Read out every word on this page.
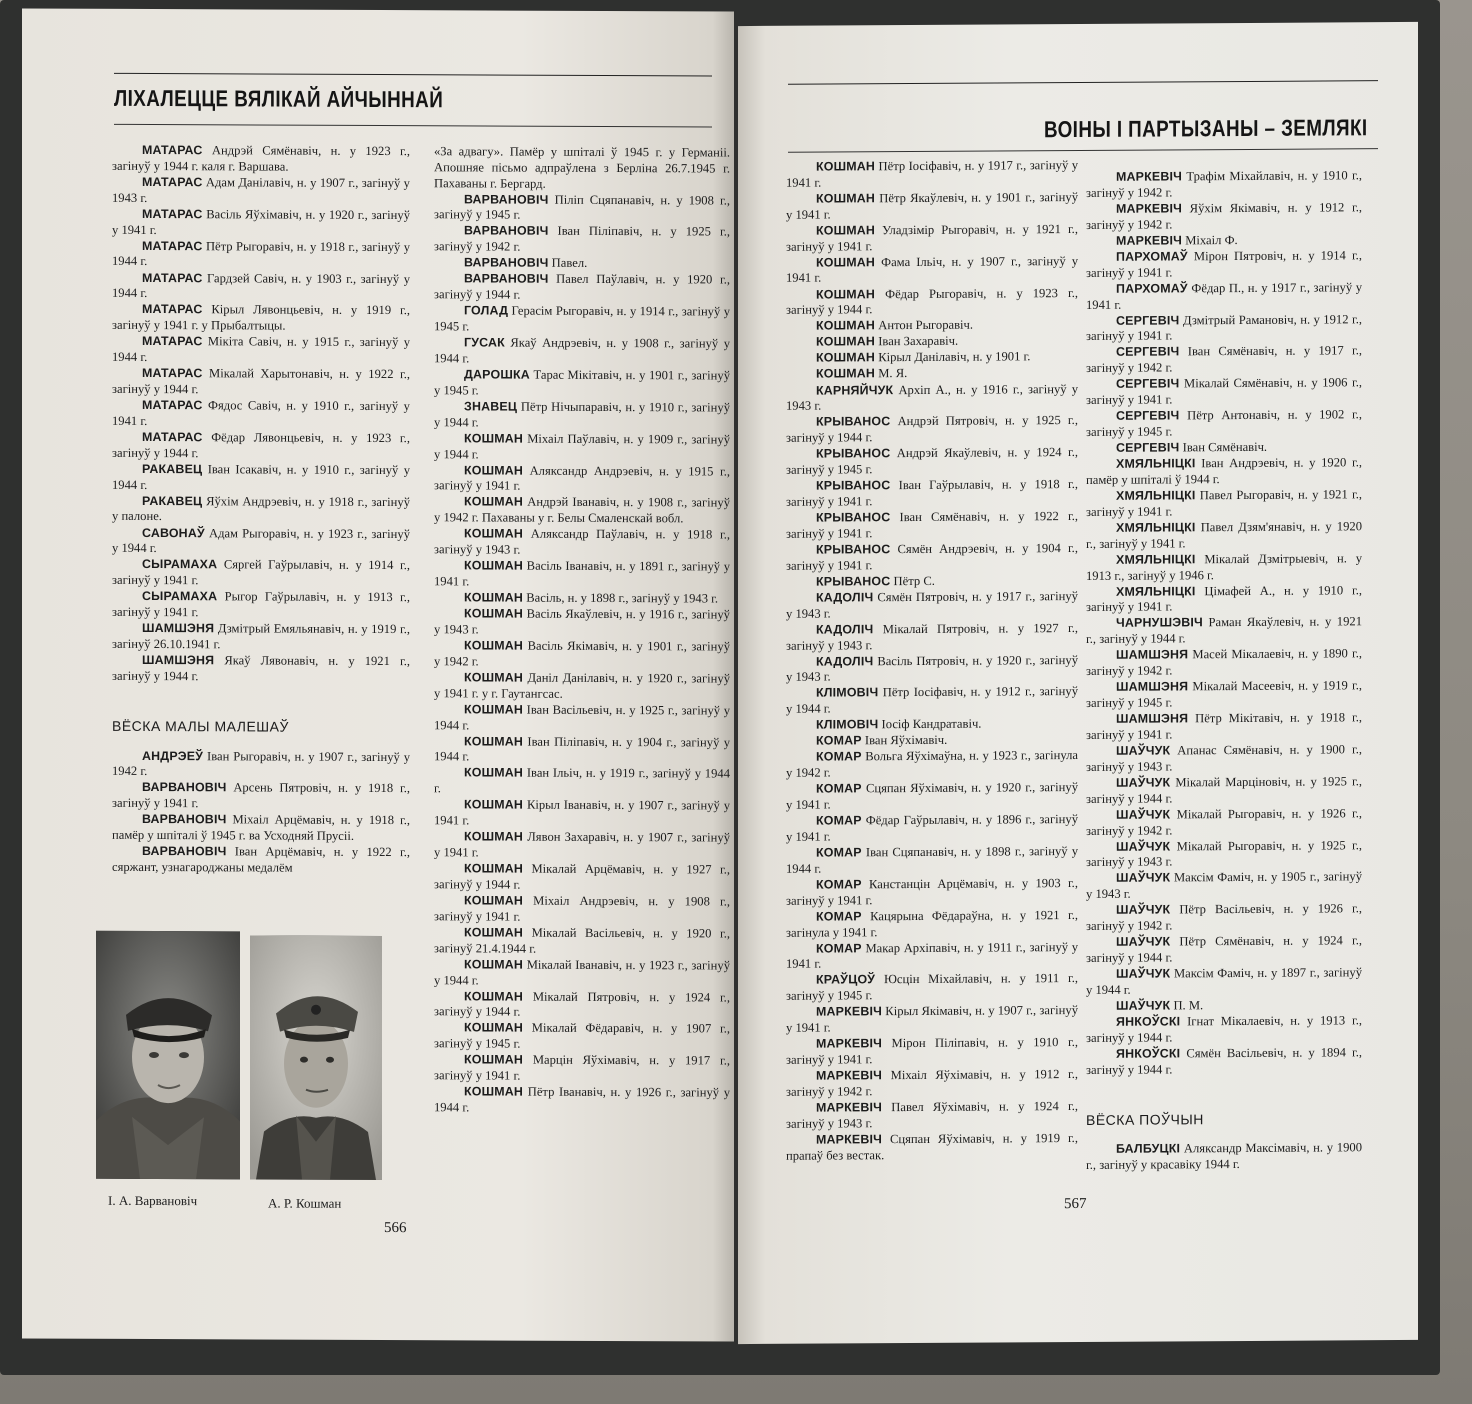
ЛІХАЛЕЦЦЕ ВЯЛІКАЙ АЙЧЫННАЙ
МАТАРАС Андрэй Сямёнавіч, н. у 1923 г., загінуў у 1944 г. каля г. Варшава.
МАТАРАС Адам Данілавіч, н. у 1907 г., загінуў у 1943 г.
МАТАРАС Васіль Яўхімавіч, н. у 1920 г., загінуў у 1941 г.
МАТАРАС Пётр Рыгоравіч, н. у 1918 г., загінуў у 1944 г.
МАТАРАС Гардзей Савіч, н. у 1903 г., загінуў у 1944 г.
МАТАРАС Кірыл Лявонцьевіч, н. у 1919 г., загінуў у 1941 г. у Прыбалтыцы.
МАТАРАС Мікіта Савіч, н. у 1915 г., загінуў у 1944 г.
МАТАРАС Мікалай Харытонавіч, н. у 1922 г., загінуў у 1944 г.
МАТАРАС Фядос Савіч, н. у 1910 г., загінуў у 1941 г.
МАТАРАС Фёдар Лявонцьевіч, н. у 1923 г., загінуў у 1944 г.
РАКАВЕЦ Іван Ісакавіч, н. у 1910 г., загінуў у 1944 г.
РАКАВЕЦ Яўхім Андрэевіч, н. у 1918 г., загінуў у палоне.
САВОНАЎ Адам Рыгоравіч, н. у 1923 г., загінуў у 1944 г.
СЫРАМАХА Сяргей Гаўрылавіч, н. у 1914 г., загінуў у 1941 г.
СЫРАМАХА Рыгор Гаўрылавіч, н. у 1913 г., загінуў у 1941 г.
ШАМШЭНЯ Дзмітрый Емяльянавіч, н. у 1919 г., загінуў 26.10.1941 г.
ШАМШЭНЯ Якаў Лявонавіч, н. у 1921 г., загінуў у 1944 г.
ВЁСКА МАЛЫ МАЛЕШАЎ
АНДРЭЕЎ Іван Рыгоравіч, н. у 1907 г., загінуў у 1942 г.
ВАРВАНОВІЧ Арсень Пятровіч, н. у 1918 г., загінуў у 1941 г.
ВАРВАНОВІЧ Міхаіл Арцёмавіч, н. у 1918 г., памёр у шпіталі ў 1945 г. ва Усходняй Прусіі.
ВАРВАНОВІЧ Іван Арцёмавіч, н. у 1922 г., сяржант, узнагароджаны медалём
«За адвагу». Памёр у шпіталі ў 1945 г. у Германіі. Апошняе пісьмо адпраўлена з Берліна 26.7.1945 г. Пахаваны г. Бергард.
ВАРВАНОВІЧ Піліп Сцяпанавіч, н. у 1908 г., загінуў у 1945 г.
ВАРВАНОВІЧ Іван Піліпавіч, н. у 1925 г., загінуў у 1942 г.
ВАРВАНОВІЧ Павел.
ВАРВАНОВІЧ Павел Паўлавіч, н. у 1920 г., загінуў у 1944 г.
ГОЛАД Герасім Рыгоравіч, н. у 1914 г., загінуў у 1945 г.
ГУСАК Якаў Андрэевіч, н. у 1908 г., загінуў у 1944 г.
ДАРОШКА Тарас Мікітавіч, н. у 1901 г., загінуў у 1945 г.
ЗНАВЕЦ Пётр Нічыпаравіч, н. у 1910 г., загінуў у 1944 г.
КОШМАН Міхаіл Паўлавіч, н. у 1909 г., загінуў у 1944 г.
КОШМАН Аляксандр Андрэевіч, н. у 1915 г., загінуў у 1941 г.
КОШМАН Андрэй Іванавіч, н. у 1908 г., загінуў у 1942 г. Пахаваны у г. Белы Смаленскай вобл.
КОШМАН Аляксандр Паўлавіч, н. у 1918 г., загінуў у 1943 г.
КОШМАН Васіль Іванавіч, н. у 1891 г., загінуў у 1941 г.
КОШМАН Васіль, н. у 1898 г., загінуў у 1943 г.
КОШМАН Васіль Якаўлевіч, н. у 1916 г., загінуў у 1943 г.
КОШМАН Васіль Якімавіч, н. у 1901 г., загінуў у 1942 г.
КОШМАН Даніл Данілавіч, н. у 1920 г., загінуў у 1941 г. у г. Гаутангсас.
КОШМАН Іван Васільевіч, н. у 1925 г., загінуў у 1944 г.
КОШМАН Іван Піліпавіч, н. у 1904 г., загінуў у 1944 г.
КОШМАН Іван Ільіч, н. у 1919 г., загінуў у 1944 г.
КОШМАН Кірыл Іванавіч, н. у 1907 г., загінуў у 1941 г.
КОШМАН Лявон Захаравіч, н. у 1907 г., загінуў у 1941 г.
КОШМАН Мікалай Арцёмавіч, н. у 1927 г., загінуў у 1944 г.
КОШМАН Міхаіл Андрэевіч, н. у 1908 г., загінуў у 1941 г.
КОШМАН Мікалай Васільевіч, н. у 1920 г., загінуў 21.4.1944 г.
КОШМАН Мікалай Іванавіч, н. у 1923 г., загінуў у 1944 г.
КОШМАН Мікалай Пятровіч, н. у 1924 г., загінуў у 1944 г.
КОШМАН Мікалай Фёдаравіч, н. у 1907 г., загінуў у 1945 г.
КОШМАН Марцін Яўхімавіч, н. у 1917 г., загінуў у 1941 г.
КОШМАН Пётр Іванавіч, н. у 1926 г., загінуў у 1944 г.
І. А. Варвановіч	А. Р. Кошман
566
ВОІНЫ І ПАРТЫЗАНЫ – ЗЕМЛЯКІ
КОШМАН Пётр Іосіфавіч, н. у 1917 г., загінуў у 1941 г.
КОШМАН Пётр Якаўлевіч, н. у 1901 г., загінуў у 1941 г.
КОШМАН Уладзімір Рыгоравіч, н. у 1921 г., загінуў у 1941 г.
КОШМАН Фама Ільіч, н. у 1907 г., загінуў у 1941 г.
КОШМАН Фёдар Рыгоравіч, н. у 1923 г., загінуў у 1944 г.
КОШМАН Антон Рыгоравіч.
КОШМАН Іван Захаравіч.
КОШМАН Кірыл Данілавіч, н. у 1901 г.
КОШМАН М. Я.
КАРНЯЙЧУК Архіп А., н. у 1916 г., загінуў у 1943 г.
КРЫВАНОС Андрэй Пятровіч, н. у 1925 г., загінуў у 1944 г.
КРЫВАНОС Андрэй Якаўлевіч, н. у 1924 г., загінуў у 1945 г.
КРЫВАНОС Іван Гаўрылавіч, н. у 1918 г., загінуў у 1941 г.
КРЫВАНОС Іван Сямёнавіч, н. у 1922 г., загінуў у 1941 г.
КРЫВАНОС Сямён Андрэевіч, н. у 1904 г., загінуў у 1941 г.
КРЫВАНОС Пётр С.
КАДОЛІЧ Сямён Пятровіч, н. у 1917 г., загінуў у 1943 г.
КАДОЛІЧ Мікалай Пятровіч, н. у 1927 г., загінуў у 1943 г.
КАДОЛІЧ Васіль Пятровіч, н. у 1920 г., загінуў у 1943 г.
КЛІМОВІЧ Пётр Іосіфавіч, н. у 1912 г., загінуў у 1944 г.
КЛІМОВІЧ Іосіф Кандратавіч.
КОМАР Іван Яўхімавіч.
КОМАР Вольга Яўхімаўна, н. у 1923 г., загінула у 1942 г.
КОМАР Сцяпан Яўхімавіч, н. у 1920 г., загінуў у 1941 г.
КОМАР Фёдар Гаўрылавіч, н. у 1896 г., загінуў у 1941 г.
КОМАР Іван Сцяпанавіч, н. у 1898 г., загінуў у 1944 г.
КОМАР Канстанцін Арцёмавіч, н. у 1903 г., загінуў у 1941 г.
КОМАР Кацярына Фёдараўна, н. у 1921 г., загінула у 1941 г.
КОМАР Макар Архіпавіч, н. у 1911 г., загінуў у 1941 г.
КРАЎЦОЎ Юсцін Міхайлавіч, н. у 1911 г., загінуў у 1945 г.
МАРКЕВІЧ Кірыл Якімавіч, н. у 1907 г., загінуў у 1941 г.
МАРКЕВІЧ Мірон Піліпавіч, н. у 1910 г., загінуў у 1941 г.
МАРКЕВІЧ Міхаіл Яўхімавіч, н. у 1912 г., загінуў у 1942 г.
МАРКЕВІЧ Павел Яўхімавіч, н. у 1924 г., загінуў у 1943 г.
МАРКЕВІЧ Сцяпан Яўхімавіч, н. у 1919 г., прапаў без вестак.
МАРКЕВІЧ Трафім Міхайлавіч, н. у 1910 г., загінуў у 1942 г.
МАРКЕВІЧ Яўхім Якімавіч, н. у 1912 г., загінуў у 1942 г.
МАРКЕВІЧ Міхаіл Ф.
ПАРХОМАЎ Мірон Пятровіч, н. у 1914 г., загінуў у 1941 г.
ПАРХОМАЎ Фёдар П., н. у 1917 г., загінуў у 1941 г.
СЕРГЕВІЧ Дзмітрый Рамановіч, н. у 1912 г., загінуў у 1941 г.
СЕРГЕВІЧ Іван Сямёнавіч, н. у 1917 г., загінуў у 1942 г.
СЕРГЕВІЧ Мікалай Сямёнавіч, н. у 1906 г., загінуў у 1941 г.
СЕРГЕВІЧ Пётр Антонавіч, н. у 1902 г., загінуў у 1945 г.
СЕРГЕВІЧ Іван Сямёнавіч.
ХМЯЛЬНІЦКІ Іван Андрэевіч, н. у 1920 г., памёр у шпіталі ў 1944 г.
ХМЯЛЬНІЦКІ Павел Рыгоравіч, н. у 1921 г., загінуў у 1941 г.
ХМЯЛЬНІЦКІ Павел Дзям'янавіч, н. у 1920 г., загінуў у 1941 г.
ХМЯЛЬНІЦКІ Мікалай Дзмітрыевіч, н. у 1913 г., загінуў у 1946 г.
ХМЯЛЬНІЦКІ Цімафей А., н. у 1910 г., загінуў у 1941 г.
ЧАРНУШЭВІЧ Раман Якаўлевіч, н. у 1921 г., загінуў у 1944 г.
ШАМШЭНЯ Масей Мікалаевіч, н. у 1890 г., загінуў у 1942 г.
ШАМШЭНЯ Мікалай Масеевіч, н. у 1919 г., загінуў у 1945 г.
ШАМШЭНЯ Пётр Мікітавіч, н. у 1918 г., загінуў у 1941 г.
ШАЎЧУК Апанас Сямёнавіч, н. у 1900 г., загінуў у 1943 г.
ШАЎЧУК Мікалай Марціновіч, н. у 1925 г., загінуў у 1944 г.
ШАЎЧУК Мікалай Рыгоравіч, н. у 1926 г., загінуў у 1942 г.
ШАЎЧУК Мікалай Рыгоравіч, н. у 1925 г., загінуў у 1943 г.
ШАЎЧУК Максім Фаміч, н. у 1905 г., загінуў у 1943 г.
ШАЎЧУК Пётр Васільевіч, н. у 1926 г., загінуў у 1942 г.
ШАЎЧУК Пётр Сямёнавіч, н. у 1924 г., загінуў у 1944 г.
ШАЎЧУК Максім Фаміч, н. у 1897 г., загінуў у 1944 г.
ШАЎЧУК П. М.
ЯНКОЎСКІ Ігнат Мікалаевіч, н. у 1913 г., загінуў у 1944 г.
ЯНКОЎСКІ Сямён Васільевіч, н. у 1894 г., загінуў у 1944 г.
ВЁСКА ПОЎЧЫН
БАЛБУЦКІ Аляксандр Максімавіч, н. у 1900 г., загінуў у красавіку 1944 г.
567
